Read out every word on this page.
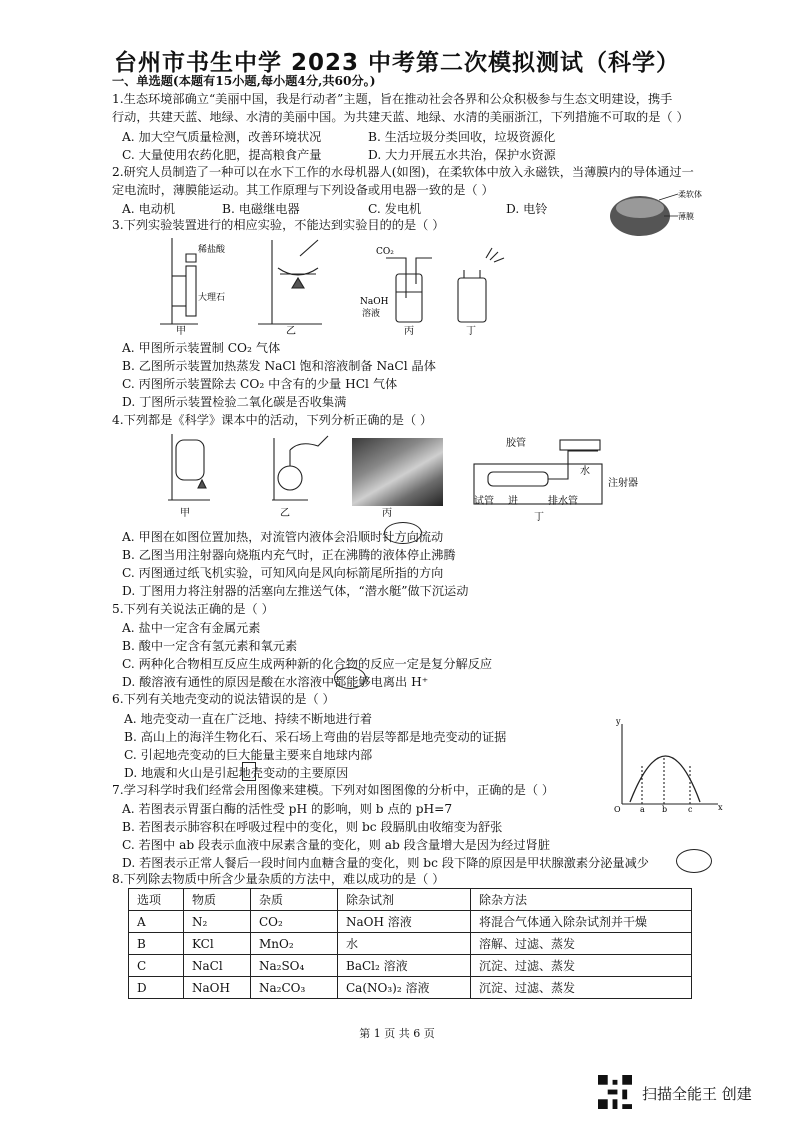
台州市书生中学 2023 中考第二次模拟测试（科学）
一、单选题(本题有15小题,每小题4分,共60分。)
1.生态环境部确立“美丽中国，我是行动者”主题，旨在推动社会各界和公众积极参与生态文明建设，携手
行动，共建天蓝、地绿、水清的美丽中国。为共建天蓝、地绿、水清的美丽浙江，下列措施不可取的是（ ）
A. 加大空气质量检测，改善环境状况	B. 生活垃圾分类回收，垃圾资源化
C. 大量使用农药化肥，提高粮食产量	D. 大力开展五水共治，保护水资源
2.研究人员制造了一种可以在水下工作的水母机器人(如图)，在柔软体中放入永磁铁，当薄膜内的导体通过一
定电流时，薄膜能运动。其工作原理与下列设备或用电器一致的是（ ）
A. 电动机	B. 电磁继电器	C. 发电机	D. 电铃
柔软体
薄膜
3.下列实验装置进行的相应实验，不能达到实验目的的是（ ）
稀盐酸
大理石
CO₂
NaOH
溶液
甲	乙	丙	丁
A. 甲图所示装置制 CO₂ 气体
B. 乙图所示装置加热蒸发 NaCl 饱和溶液制备 NaCl 晶体
C. 丙图所示装置除去 CO₂ 中含有的少量 HCl 气体
D. 丁图所示装置检验二氧化碳是否收集满
4.下列都是《科学》课本中的活动，下列分析正确的是（ ）
甲	乙	丙	丁
胶管
水
注射器
试管 进	排水管
A. 甲图在如图位置加热，对流管内液体会沿顺时针方向流动
B. 乙图当用注射器向烧瓶内充气时，正在沸腾的液体停止沸腾
C. 丙图通过纸飞机实验，可知风向是风向标箭尾所指的方向
D. 丁图用力将注射器的活塞向左推送气体，“潜水艇”做下沉运动
5.下列有关说法正确的是（ ）
A. 盐中一定含有金属元素
B. 酸中一定含有氢元素和氧元素
C. 两种化合物相互反应生成两种新的化合物的反应一定是复分解反应
D. 酸溶液有通性的原因是酸在水溶液中都能够电离出 H⁺
6.下列有关地壳变动的说法错误的是（ ）
A. 地壳变动一直在广泛地、持续不断地进行着
B. 高山上的海洋生物化石、采石场上弯曲的岩层等都是地壳变动的证据
C. 引起地壳变动的巨大能量主要来自地球内部
D. 地震和火山是引起地壳变动的主要原因
y
x
O a b	c
7.学习科学时我们经常会用图像来建模。下列对如图图像的分析中，正确的是（ ）
A. 若图表示胃蛋白酶的活性受 pH 的影响，则 b 点的 pH=7
B. 若图表示肺容积在呼吸过程中的变化，则 bc 段膈肌由收缩变为舒张
C. 若图中 ab 段表示血液中尿素含量的变化，则 ab 段含量增大是因为经过肾脏
D. 若图表示正常人餐后一段时间内血糖含量的变化，则 bc 段下降的原因是甲状腺激素分泌量减少
8.下列除去物质中所含少量杂质的方法中，难以成功的是（ ）
选项	物质	杂质	除杂试剂	除杂方法
A	N₂	CO₂	NaOH 溶液	将混合气体通入除杂试剂并干燥
B	KCl	MnO₂	水	溶解、过滤、蒸发
C	NaCl	Na₂SO₄	BaCl₂ 溶液	沉淀、过滤、蒸发
D	NaOH	Na₂CO₃	Ca(NO₃)₂ 溶液	沉淀、过滤、蒸发
第 1 页 共 6 页
扫描全能王 创建
